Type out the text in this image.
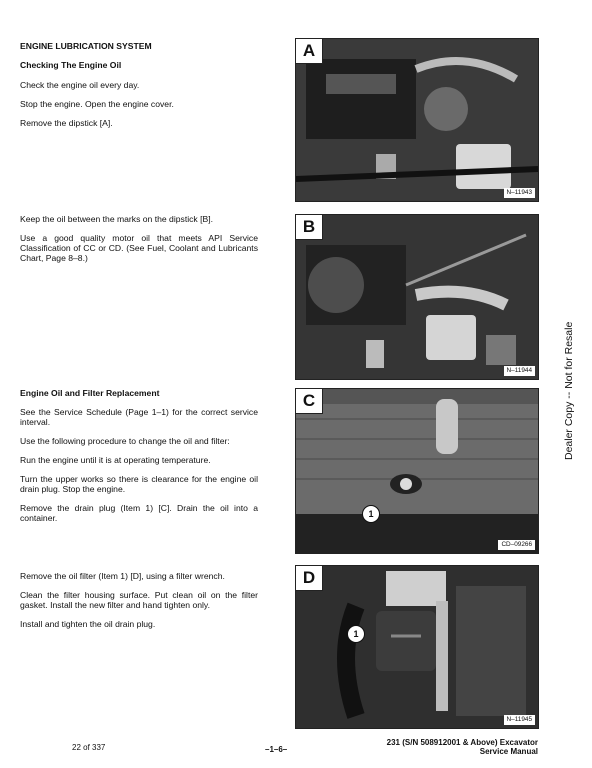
ENGINE LUBRICATION SYSTEM
Checking The Engine Oil
Check the engine oil every day.
Stop the engine. Open the engine cover.
Remove the dipstick [A].
Keep the oil between the marks on the dipstick [B].
Use a good quality motor oil that meets API Service Classification of CC or CD. (See Fuel, Coolant and Lubricants Chart, Page 8–8.)
Engine Oil and Filter Replacement
See the Service Schedule (Page 1–1) for the correct service interval.
Use the following procedure to change the oil and filter:
Run the engine until it is at operating temperature.
Turn the upper works so there is clearance for the engine oil drain plug. Stop the engine.
Remove the drain plug (Item 1) [C]. Drain the oil into a container.
Remove the oil filter (Item 1) [D], using a filter wrench.
Clean the filter housing surface. Put clean oil on the filter gasket. Install the new filter and hand tighten only.
Install and tighten the oil drain plug.
A
N–11943
B
N–11944
1
C
CD–09266
1
D
N–11945
Dealer Copy -- Not for Resale
22 of 337	–1–6–
231 (S/N 508912001 & Above) Excavator
Service Manual
